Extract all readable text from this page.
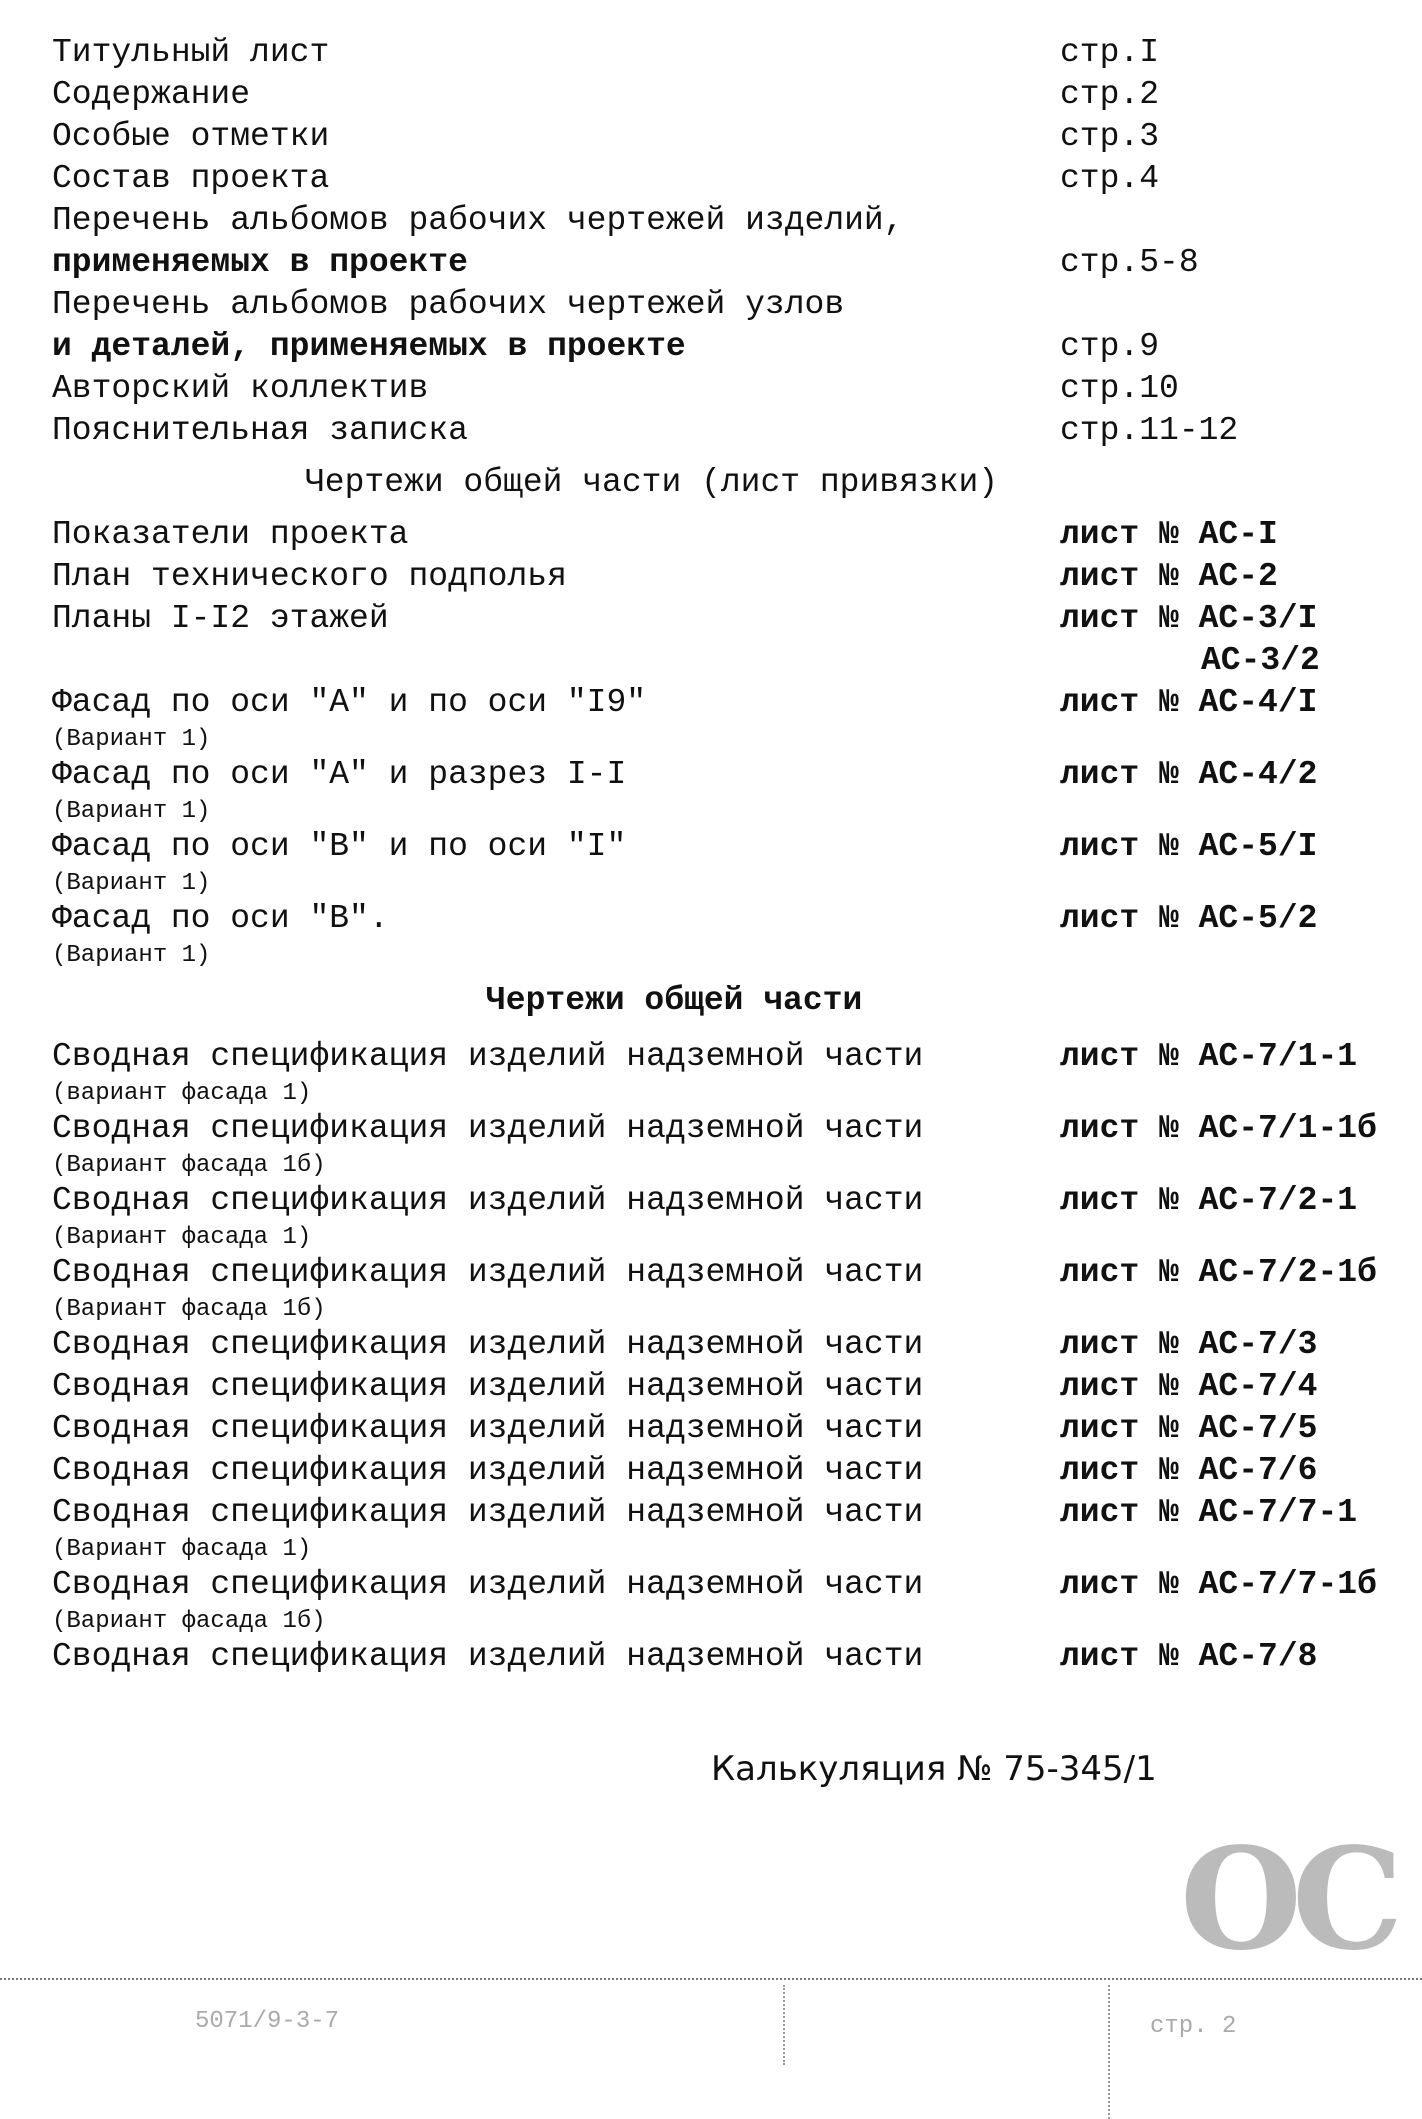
Титульный лист	стр.I
Содержание	стр.2
Особые отметки	стр.3
Состав проекта	стр.4
Перечень альбомов рабочих чертежей изделий,
применяемых в проекте	стр.5-8
Перечень альбомов рабочих чертежей узлов
и деталей, применяемых в проекте	стр.9
Авторский коллектив	стр.10
Пояснительная записка	стр.11-12
Чертежи общей части (лист привязки)
Показатели проекта	лист № АС-I
План технического подполья	лист № АС-2
Планы I-I2 этажей	лист № АС-3/I
АС-3/2
Фасад по оси "А" и по оси "I9"	лист № АС-4/I
(Вариант 1)
Фасад по оси "А" и разрез I-I	лист № АС-4/2
(Вариант 1)
Фасад по оси "В" и по оси "I"	лист № АС-5/I
(Вариант 1)
Фасад по оси "В".	лист № АС-5/2
(Вариант 1)
Чертежи общей части
Сводная спецификация изделий надземной части	лист № АС-7/1-1
(вариант фасада 1)
Сводная спецификация изделий надземной части	лист № АС-7/1-1б
(Вариант фасада 1б)
Сводная спецификация изделий надземной части	лист № АС-7/2-1
(Вариант фасада 1)
Сводная спецификация изделий надземной части	лист № АС-7/2-1б
(Вариант фасада 1б)
Сводная спецификация изделий надземной части	лист № АС-7/3
Сводная спецификация изделий надземной части	лист № АС-7/4
Сводная спецификация изделий надземной части	лист № АС-7/5
Сводная спецификация изделий надземной части	лист № АС-7/6
Сводная спецификация изделий надземной части	лист № АС-7/7-1
(Вариант фасада 1)
Сводная спецификация изделий надземной части	лист № АС-7/7-1б
(Вариант фасада 1б)
Сводная спецификация изделий надземной части	лист № АС-7/8
Калькуляция № 75-345/1
ОС
5071/9-3-7	стр. 2
